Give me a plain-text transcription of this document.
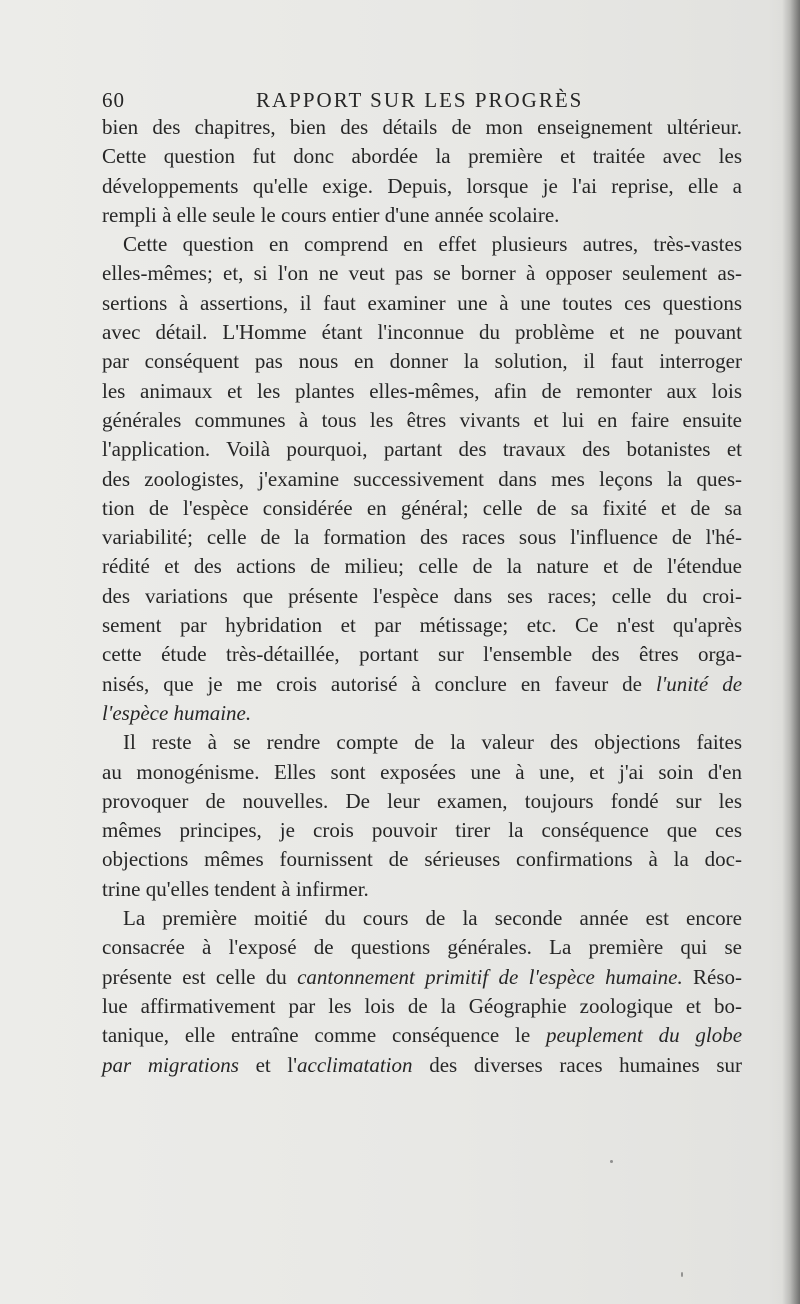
60	RAPPORT SUR LES PROGRÈS
bien des chapitres, bien des détails de mon enseignement ultérieur.
Cette question fut donc abordée la première et traitée avec les
développements qu'elle exige. Depuis, lorsque je l'ai reprise, elle a
rempli à elle seule le cours entier d'une année scolaire.
Cette question en comprend en effet plusieurs autres, très-vastes
elles-mêmes; et, si l'on ne veut pas se borner à opposer seulement as-
sertions à assertions, il faut examiner une à une toutes ces questions
avec détail. L'Homme étant l'inconnue du problème et ne pouvant
par conséquent pas nous en donner la solution, il faut interroger
les animaux et les plantes elles-mêmes, afin de remonter aux lois
générales communes à tous les êtres vivants et lui en faire ensuite
l'application. Voilà pourquoi, partant des travaux des botanistes et
des zoologistes, j'examine successivement dans mes leçons la ques-
tion de l'espèce considérée en général; celle de sa fixité et de sa
variabilité; celle de la formation des races sous l'influence de l'hé-
rédité et des actions de milieu; celle de la nature et de l'étendue
des variations que présente l'espèce dans ses races; celle du croi-
sement par hybridation et par métissage; etc. Ce n'est qu'après
cette étude très-détaillée, portant sur l'ensemble des êtres orga-
nisés, que je me crois autorisé à conclure en faveur de l'unité de
l'espèce humaine.
Il reste à se rendre compte de la valeur des objections faites
au monogénisme. Elles sont exposées une à une, et j'ai soin d'en
provoquer de nouvelles. De leur examen, toujours fondé sur les
mêmes principes, je crois pouvoir tirer la conséquence que ces
objections mêmes fournissent de sérieuses confirmations à la doc-
trine qu'elles tendent à infirmer.
La première moitié du cours de la seconde année est encore
consacrée à l'exposé de questions générales. La première qui se
présente est celle du cantonnement primitif de l'espèce humaine. Réso-
lue affirmativement par les lois de la Géographie zoologique et bo-
tanique, elle entraîne comme conséquence le peuplement du globe
par migrations et l'acclimatation des diverses races humaines sur
